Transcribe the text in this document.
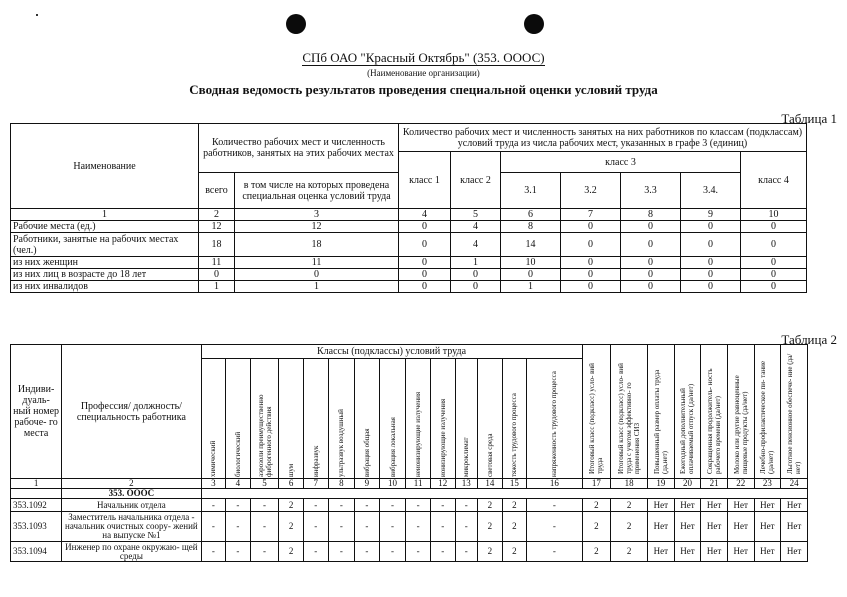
СПб ОАО "Красный Октябрь" (353. ОООС)
(Наименование организации)
Сводная ведомость результатов проведения специальной оценки условий труда
Таблица 1
Наименование	Количество рабочих мест и численность работников, занятых на этих рабочих местах		Количество рабочих мест и численность занятых на них работников по классам (подклассам) условий труда из числа рабочих мест, указанных в графе 3 (единиц)						
			класс 1	класс 2	класс 3				класс 4
	всего	в том числе на которых проведена специальная оценка условий труда			3.1	3.2	3.3	3.4.	
1	2	3	4	5	6	7	8	9	10
Рабочие места (ед.)	12	12	0	4	8	0	0	0	0
Работники, занятые на рабочих местах (чел.)	18	18	0	4	14	0	0	0	0
из них женщин	11	11	0	1	10	0	0	0	0
из них лиц в возрасте до 18 лет	0	0	0	0	0	0	0	0	0
из них инвалидов	1	1	0	0	1	0	0	0	0
Таблица 2
Индиви- дуаль- ный номер рабоче- го места	Профессия/ должность/ специальность работника	Классы (подклассы) условий труда														Итоговый класс (подкласс) усло- вий труда	Итоговый класс (подкласс) усло- вий труда с учетом эффективно- го применения СИЗ	Повышенный размер оплаты труда (да,нет)	Ежегодный дополнительный оплачиваемый отпуск (да/нет)	Сокращенная продолжитель- ность рабочего времени (да/нет)	Молоко или другие равноценные пищевые продукты (да/нет)	Лечебно-профилактическое пи- тание (да/нет)	Льготное пенсионное обеспече- ние (да/нет)

		химический	биологический	аэрозоли преимущественно фиброгенного действия	шум	инфразвук	ультразвук воздушный	вибрация общая	вибрация локальная	неионизирующие излучения	ионизирующие излучения	микроклимат	световая среда	тяжесть трудового процесса	напряженность трудового процесса								

1	2	3	4	5	6	7	8	9	10	11	12	13	14	15	16	17	18	19	20	21	22	23	24
	353. ОООС																						
353.1092	Начальник отдела	-	-	-	2	-	-	-	-	-	-	-	2	2	-	2	2	Нет	Нет	Нет	Нет	Нет	Нет
353.1093	Заместитель начальника отдела - начальник очистных соору- жений на выпуске №1	-	-	-	2	-	-	-	-	-	-	-	2	2	-	2	2	Нет	Нет	Нет	Нет	Нет	Нет
353.1094	Инженер по охране окружаю- щей среды	-	-	-	2	-	-	-	-	-	-	-	2	2	-	2	2	Нет	Нет	Нет	Нет	Нет	Нет
